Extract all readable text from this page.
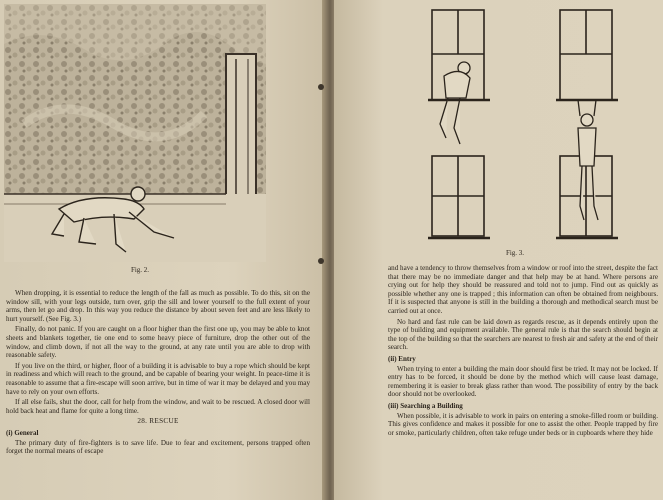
Fig. 2.

When dropping, it is essential to reduce the length of the fall as much as possible. To do this, sit on the window sill, with your legs outside, turn over, grip the sill and lower yourself to the full extent of your arms, then let go and drop. In this way you reduce the distance by about seven feet and are less likely to hurt yourself. (See Fig. 3.)

Finally, do not panic. If you are caught on a floor higher than the first one up, you may be able to knot sheets and blankets together, tie one end to some heavy piece of furniture, drop the other out of the window, and climb down, if not all the way to the ground, at any rate until you are able to drop with reasonable safety.

If you live on the third, or higher, floor of a building it is advisable to buy a rope which should be kept in readiness and which will reach to the ground, and be capable of bearing your weight. In peace-time it is reasonable to assume that a fire-escape will soon arrive, but in time of war it may be delayed and you may have to rely on your own efforts.

If all else fails, shut the door, call for help from the window, and wait to be rescued. A closed door will hold back heat and flame for quite a long time.

28. RESCUE
(i) General

The primary duty of fire-fighters is to save life. Due to fear and excitement, persons trapped often forget the normal means of escape

Fig. 3.

and have a tendency to throw themselves from a window or roof into the street, despite the fact that there may be no immediate danger and that help may be at hand. Where persons are crying out for help they should be reassured and told not to jump. Find out as quickly as possible whether any one is trapped ; this information can often be obtained from neighbours. If it is suspected that anyone is still in the building a thorough and methodical search must be carried out at once.

No hard and fast rule can be laid down as regards rescue, as it depends entirely upon the type of building and equipment available. The general rule is that the search should begin at the top of the building so that the searchers are nearest to fresh air and safety at the end of their search.

(ii) Entry

When trying to enter a building the main door should first be tried. It may not be locked. If entry has to be forced, it should be done by the method which will cause least damage, remembering it is easier to break glass rather than wood. The possibility of entry by the back door should not be overlooked.

(iii) Searching a Building

When possible, it is advisable to work in pairs on entering a smoke-filled room or building. This gives confidence and makes it possible for one to assist the other. People trapped by fire or smoke, particularly children, often take refuge under beds or in cupboards where they hide
